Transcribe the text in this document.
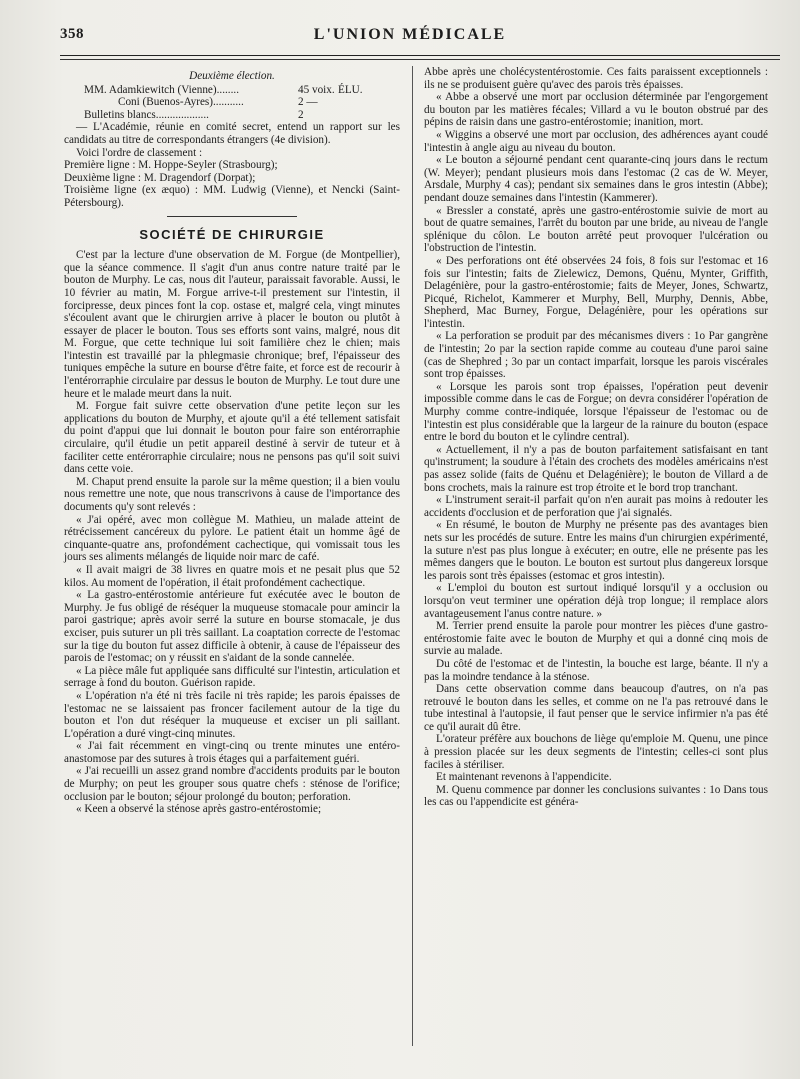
358	L'UNION MÉDICALE
Deuxième élection.
MM. Adamkiewitch (Vienne)........	45 voix. ÉLU.
Coni (Buenos-Ayres)...........	2 —
Bulletins blancs...................	2

— L'Académie, réunie en comité secret, entend un rapport sur les candidats au titre de correspondants étrangers (4e division).

Voici l'ordre de classement :

Première ligne : M. Hoppe-Seyler (Strasbourg);

Deuxième ligne : M. Dragendorf (Dorpat);

Troisième ligne (ex æquo) : MM. Ludwig (Vienne), et Nencki (Saint-Pétersbourg).

SOCIÉTÉ DE CHIRURGIE

C'est par la lecture d'une observation de M. Forgue (de Montpellier), que la séance commence. Il s'agit d'un anus contre nature traité par le bouton de Murphy. Le cas, nous dit l'auteur, paraissait favorable. Aussi, le 10 février au matin, M. Forgue arrive-t-il prestement sur l'intestin, il forcipresse, deux pinces font la cop. ostase et, malgré cela, vingt minutes s'écoulent avant que le chirurgien arrive à placer le bouton ou plutôt à essayer de placer le bouton. Tous ses efforts sont vains, malgré, nous dit M. Forgue, que cette technique lui soit familière chez le chien; mais l'intestin est travaillé par la phlegmasie chronique; bref, l'épaisseur des tuniques empêche la suture en bourse d'être faite, et force est de recourir à l'entérorraphie circulaire par dessus le bouton de Murphy. Le tout dure une heure et le malade meurt dans la nuit.

M. Forgue fait suivre cette observation d'une petite leçon sur les applications du bouton de Murphy, et ajoute qu'il a été tellement satisfait du point d'appui que lui donnait le bouton pour faire son entérorraphie circulaire, qu'il étudie un petit appareil destiné à servir de tuteur et à faciliter cette entérorraphie circulaire; nous ne pensons pas qu'il soit suivi dans cette voie.

M. Chaput prend ensuite la parole sur la même question; il a bien voulu nous remettre une note, que nous transcrivons à cause de l'importance des documents qu'y sont relevés :

« J'ai opéré, avec mon collègue M. Mathieu, un malade atteint de rétrécissement cancéreux du pylore. Le patient était un homme âgé de cinquante-quatre ans, profondément cachectique, qui vomissait tous les jours ses aliments mélangés de liquide noir marc de café.

« Il avait maigri de 38 livres en quatre mois et ne pesait plus que 52 kilos. Au moment de l'opération, il était profondément cachectique.

« La gastro-entérostomie antérieure fut exécutée avec le bouton de Murphy. Je fus obligé de réséquer la muqueuse stomacale pour amincir la paroi gastrique; après avoir serré la suture en bourse stomacale, je dus exciser, puis suturer un pli très saillant. La coaptation correcte de l'estomac sur la tige du bouton fut assez difficile à obtenir, à cause de l'épaisseur des parois de l'estomac; on y réussit en s'aidant de la sonde cannelée.

« La pièce mâle fut appliquée sans difficulté sur l'intestin, articulation et serrage à fond du bouton. Guérison rapide.

« L'opération n'a été ni très facile ni très rapide; les parois épaisses de l'estomac ne se laissaient pas froncer facilement autour de la tige du bouton et l'on dut réséquer la muqueuse et exciser un pli saillant. L'opération a duré vingt-cinq minutes.

« J'ai fait récemment en vingt-cinq ou trente minutes une entéro-anastomose par des sutures à trois étages qui a parfaitement guéri.

« J'ai recueilli un assez grand nombre d'accidents produits par le bouton de Murphy; on peut les grouper sous quatre chefs : sténose de l'orifice; occlusion par le bouton; séjour prolongé du bouton; perforation.

« Keen a observé la sténose après gastro-entérostomie;

Abbe après une cholécystentérostomie. Ces faits paraissent exceptionnels : ils ne se produisent guère qu'avec des parois très épaisses.

« Abbe a observé une mort par occlusion déterminée par l'engorgement du bouton par les matières fécales; Villard a vu le bouton obstrué par des pépins de raisin dans une gastro-entérostomie; inanition, mort.

« Wiggins a observé une mort par occlusion, des adhérences ayant coudé l'intestin à angle aigu au niveau du bouton.

« Le bouton a séjourné pendant cent quarante-cinq jours dans le rectum (W. Meyer); pendant plusieurs mois dans l'estomac (2 cas de W. Meyer, Arsdale, Murphy 4 cas); pendant six semaines dans le gros intestin (Abbe); pendant douze semaines dans l'intestin (Kammerer).

« Bressler a constaté, après une gastro-entérostomie suivie de mort au bout de quatre semaines, l'arrêt du bouton par une bride, au niveau de l'angle splénique du côlon. Le bouton arrêté peut provoquer l'ulcération ou l'obstruction de l'intestin.

« Des perforations ont été observées 24 fois, 8 fois sur l'estomac et 16 fois sur l'intestin; faits de Zielewicz, Demons, Quénu, Mynter, Griffith, Delagénière, pour la gastro-entérostomie; faits de Meyer, Jones, Schwartz, Picqué, Richelot, Kammerer et Murphy, Bell, Murphy, Dennis, Abbe, Shepherd, Mac Burney, Forgue, Delagénière, pour les opérations sur l'intestin.

« La perforation se produit par des mécanismes divers : 1o Par gangrène de l'intestin; 2o par la section rapide comme au couteau d'une paroi saine (cas de Shephred ; 3o par un contact imparfait, lorsque les parois viscérales sont trop épaisses.

« Lorsque les parois sont trop épaisses, l'opération peut devenir impossible comme dans le cas de Forgue; on devra considérer l'opération de Murphy comme contre-indiquée, lorsque l'épaisseur de l'estomac ou de l'intestin est plus considérable que la largeur de la rainure du bouton (espace entre le bord du bouton et le cylindre central).

« Actuellement, il n'y a pas de bouton parfaitement satisfaisant en tant qu'instrument; la soudure à l'étain des crochets des modèles américains n'est pas assez solide (faits de Quénu et Delagénière); le bouton de Villard a de bons crochets, mais la rainure est trop étroite et le bord trop tranchant.

« L'instrument serait-il parfait qu'on n'en aurait pas moins à redouter les accidents d'occlusion et de perforation que j'ai signalés.

« En résumé, le bouton de Murphy ne présente pas des avantages bien nets sur les procédés de suture. Entre les mains d'un chirurgien expérimenté, la suture n'est pas plus longue à exécuter; en outre, elle ne présente pas les mêmes dangers que le bouton. Le bouton est surtout plus dangereux lorsque les parois sont très épaisses (estomac et gros intestin).

« L'emploi du bouton est surtout indiqué lorsqu'il y a occlusion ou lorsqu'on veut terminer une opération déjà trop longue; il remplace alors avantageusement l'anus contre nature. »

M. Terrier prend ensuite la parole pour montrer les pièces d'une gastro-entérostomie faite avec le bouton de Murphy et qui a donné cinq mois de survie au malade.

Du côté de l'estomac et de l'intestin, la bouche est large, béante. Il n'y a pas la moindre tendance à la sténose.

Dans cette observation comme dans beaucoup d'autres, on n'a pas retrouvé le bouton dans les selles, et comme on ne l'a pas retrouvé dans le tube intestinal à l'autopsie, il faut penser que le service infirmier n'a pas été ce qu'il aurait dû être.

L'orateur préfère aux bouchons de liège qu'emploie M. Quenu, une pince à pression placée sur les deux segments de l'intestin; celles-ci sont plus faciles à stériliser.

Et maintenant revenons à l'appendicite.

M. Quenu commence par donner les conclusions suivantes : 1o Dans tous les cas ou l'appendicite est généra-
